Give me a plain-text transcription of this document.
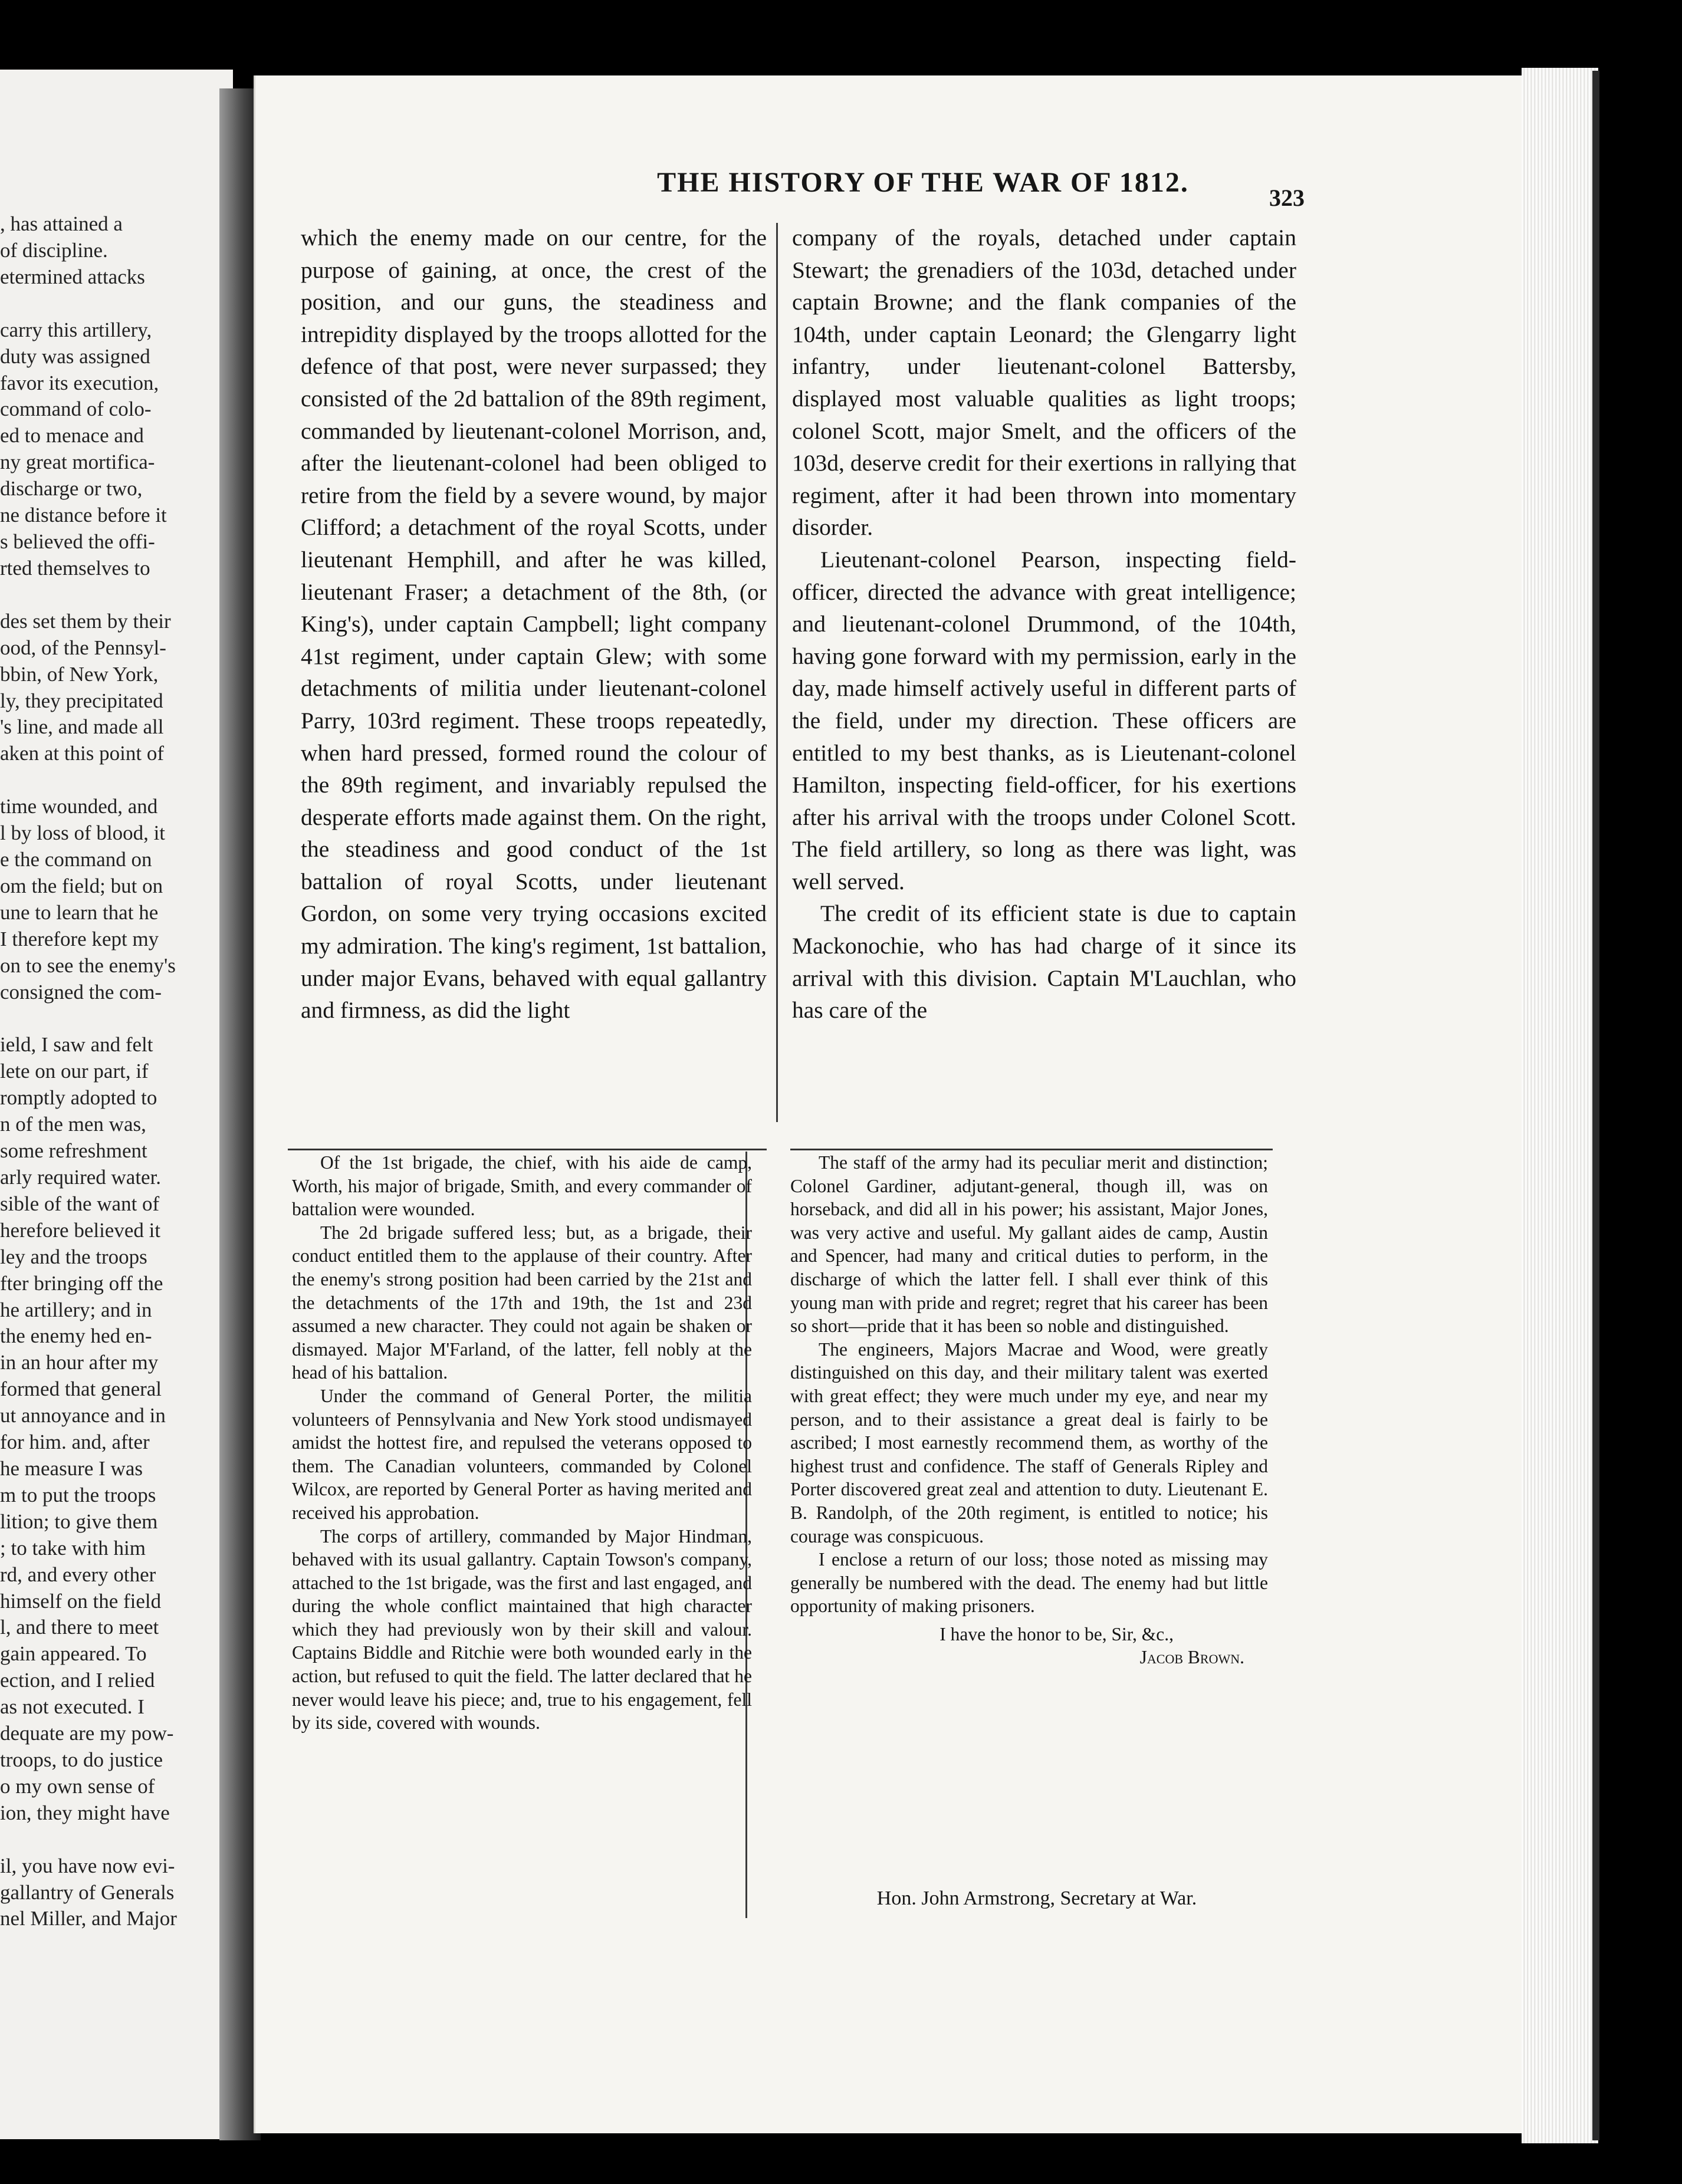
, has attained a
of discipline.
etermined attacks

carry this artillery,
duty was assigned
favor its execution,
command of colo-
ed to menace and
ny great mortifica-
discharge or two,
ne distance before it
s believed the offi-
rted themselves to

des set them by their
ood, of the Pennsyl-
bbin, of New York,
ly, they precipitated
's line, and made all
aken at this point of

time wounded, and
l by loss of blood, it
e the command on
om the field; but on
une to learn that he
I therefore kept my
on to see the enemy's
consigned the com-

ield, I saw and felt
lete on our part, if
romptly adopted to
n of the men was,
some refreshment
arly required water.
sible of the want of
herefore believed it
ley and the troops
fter bringing off the
he artillery; and in
the enemy hed en-
in an hour after my
formed that general
ut annoyance and in
for him. and, after
he measure I was
m to put the troops
lition; to give them
; to take with him
rd, and every other
himself on the field
l, and there to meet
gain appeared. To
ection, and I relied
as not executed. I
dequate are my pow-
troops, to do justice
o my own sense of
ion, they might have

il, you have now evi-
gallantry of Generals
nel Miller, and Major
THE HISTORY OF THE WAR OF 1812.	323

which the enemy made on our centre, for the purpose of gaining, at once, the crest of the position, and our guns, the steadiness and intrepidity displayed by the troops allotted for the defence of that post, were never surpassed; they consisted of the 2d battalion of the 89th regiment, commanded by lieutenant-colonel Morrison, and, after the lieutenant-colonel had been obliged to retire from the field by a severe wound, by major Clifford; a detachment of the royal Scotts, under lieutenant Hemphill, and after he was killed, lieutenant Fraser; a detachment of the 8th, (or King's), under captain Campbell; light company 41st regiment, under captain Glew; with some detachments of militia under lieutenant-colonel Parry, 103rd regiment. These troops repeatedly, when hard pressed, formed round the colour of the 89th regiment, and invariably repulsed the desperate efforts made against them. On the right, the steadiness and good conduct of the 1st battalion of royal Scotts, under lieutenant Gordon, on some very trying occasions excited my admiration. The king's regiment, 1st battalion, under major Evans, behaved with equal gallantry and firmness, as did the light

company of the royals, detached under captain Stewart; the grenadiers of the 103d, detached under captain Browne; and the flank companies of the 104th, under captain Leonard; the Glengarry light infantry, under lieutenant-colonel Battersby, displayed most valuable qualities as light troops; colonel Scott, major Smelt, and the officers of the 103d, deserve credit for their exertions in rallying that regiment, after it had been thrown into momentary disorder.

Lieutenant-colonel Pearson, inspecting field-officer, directed the advance with great intelligence; and lieutenant-colonel Drummond, of the 104th, having gone forward with my permission, early in the day, made himself actively useful in different parts of the field, under my direction. These officers are entitled to my best thanks, as is Lieutenant-colonel Hamilton, inspecting field-officer, for his exertions after his arrival with the troops under Colonel Scott. The field artillery, so long as there was light, was well served.

The credit of its efficient state is due to captain Mackonochie, who has had charge of it since its arrival with this division. Captain M'Lauchlan, who has care of the

Of the 1st brigade, the chief, with his aide de camp, Worth, his major of brigade, Smith, and every commander of battalion were wounded.

The 2d brigade suffered less; but, as a brigade, their conduct entitled them to the applause of their country. After the enemy's strong position had been carried by the 21st and the detachments of the 17th and 19th, the 1st and 23d assumed a new character. They could not again be shaken or dismayed. Major M'Farland, of the latter, fell nobly at the head of his battalion.

Under the command of General Porter, the militia volunteers of Pennsylvania and New York stood undismayed amidst the hottest fire, and repulsed the veterans opposed to them. The Canadian volunteers, commanded by Colonel Wilcox, are reported by General Porter as having merited and received his approbation.

The corps of artillery, commanded by Major Hindman, behaved with its usual gallantry. Captain Towson's company, attached to the 1st brigade, was the first and last engaged, and during the whole conflict maintained that high character which they had previously won by their skill and valour. Captains Biddle and Ritchie were both wounded early in the action, but refused to quit the field. The latter declared that he never would leave his piece; and, true to his engagement, fell by its side, covered with wounds.

The staff of the army had its peculiar merit and distinction; Colonel Gardiner, adjutant-general, though ill, was on horseback, and did all in his power; his assistant, Major Jones, was very active and useful. My gallant aides de camp, Austin and Spencer, had many and critical duties to perform, in the discharge of which the latter fell. I shall ever think of this young man with pride and regret; regret that his career has been so short—pride that it has been so noble and distinguished.

The engineers, Majors Macrae and Wood, were greatly distinguished on this day, and their military talent was exerted with great effect; they were much under my eye, and near my person, and to their assistance a great deal is fairly to be ascribed; I most earnestly recommend them, as worthy of the highest trust and confidence. The staff of Generals Ripley and Porter discovered great zeal and attention to duty. Lieutenant E. B. Randolph, of the 20th regiment, is entitled to notice; his courage was conspicuous.

I enclose a return of our loss; those noted as missing may generally be numbered with the dead. The enemy had but little opportunity of making prisoners.

I have the honor to be, Sir, &c.,

Jacob Brown.

Hon. John Armstrong, Secretary at War.
